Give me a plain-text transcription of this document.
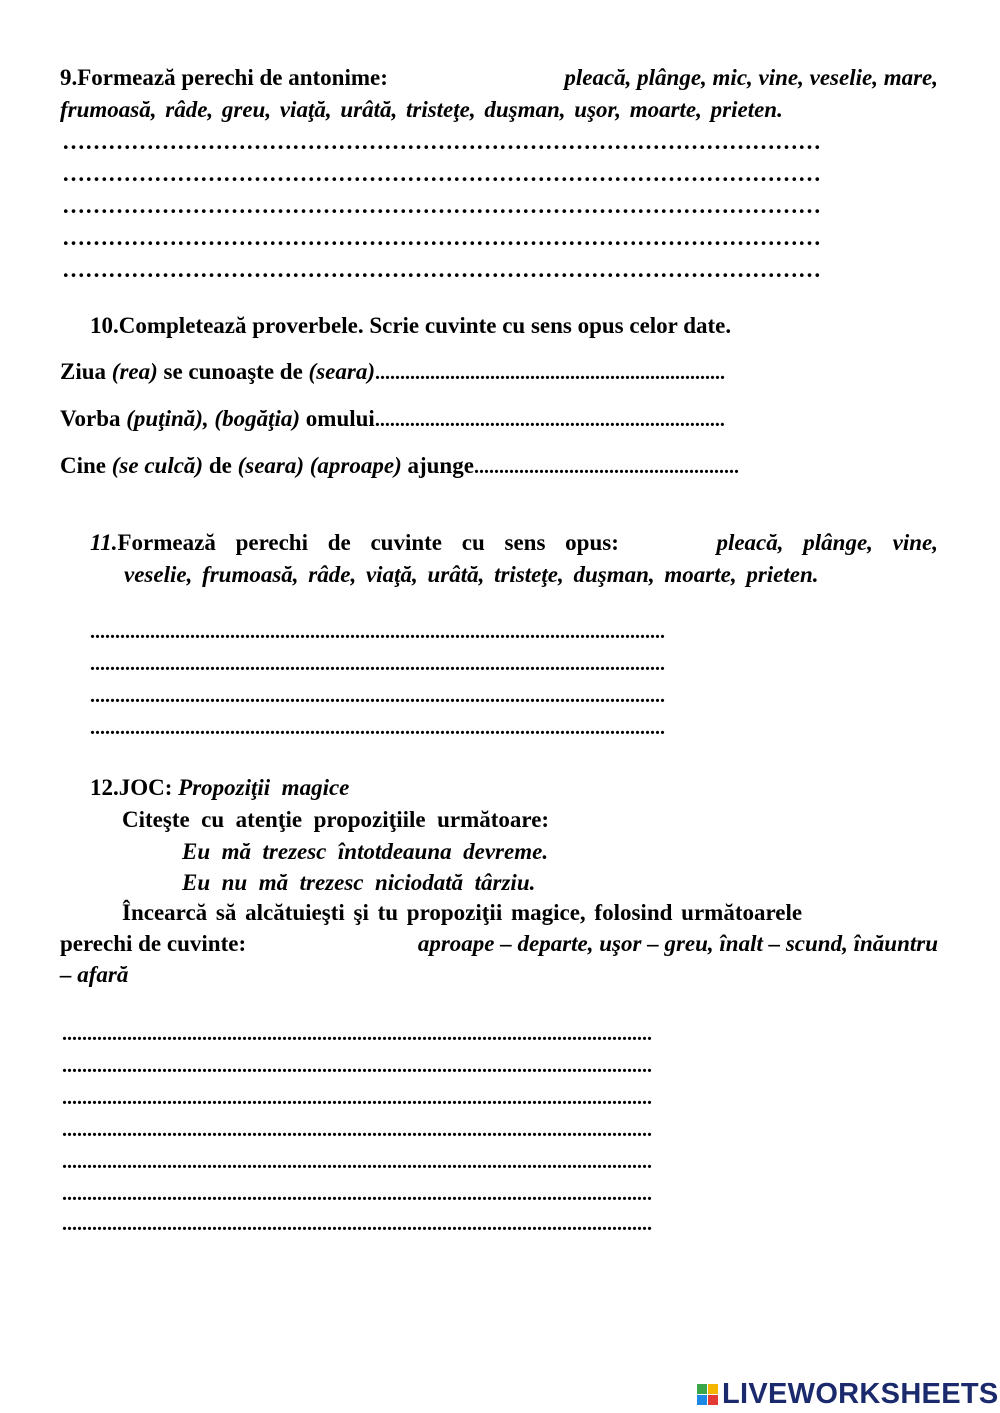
9.Formează perechi de antonime:	pleacă, plânge, mic, vine, veselie, mare,
frumoasă, râde, greu, viaţă, urâtă, tristeţe, duşman, uşor, moarte, prieten.
………………………………………………………………………………………
………………………………………………………………………………………
………………………………………………………………………………………
………………………………………………………………………………………
………………………………………………………………………………………
10.Completează proverbele. Scrie cuvinte cu sens opus celor date.
Ziua (rea) se cunoaşte de (seara)......................................................................
Vorba (puţină), (bogăţia) omului......................................................................
Cine (se culcă) de (seara) (aproape) ajunge.....................................................
11.Formează perechi de cuvinte cu sens opus:	pleacă, plânge, vine,
veselie, frumoasă, râde, viaţă, urâtă, tristeţe, duşman, moarte, prieten.
...................................................................................................................
...................................................................................................................
...................................................................................................................
...................................................................................................................
12.JOC: Propoziţii  magice
Citeşte  cu  atenţie  propoziţiile  următoare:
Eu  mă  trezesc  întotdeauna  devreme.
Eu  nu  mă  trezesc  niciodată  târziu.
Încearcă să alcătuieşti şi tu propoziţii magice, folosind următoarele
perechi de cuvinte:	aproape – departe, uşor – greu, înalt – scund, înăuntru
– afară
......................................................................................................................
......................................................................................................................
......................................................................................................................
......................................................................................................................
......................................................................................................................
......................................................................................................................
......................................................................................................................
LIVEWORKSHEETS
